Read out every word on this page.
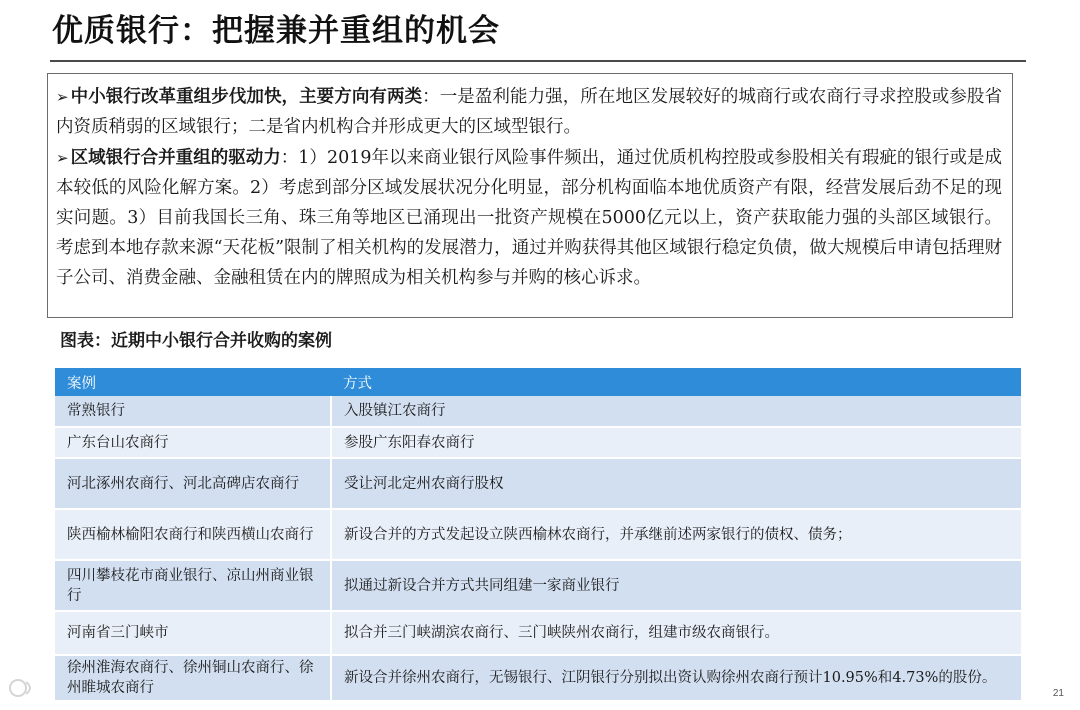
优质银行：把握兼并重组的机会

➢ 中小银行改革重组步伐加快，主要方向有两类：一是盈利能力强，所在地区发展较好的城商行或农商行寻求控股或参股省内资质稍弱的区域银行；二是省内机构合并形成更大的区域型银行。

➢ 区域银行合并重组的驱动力：1）2019年以来商业银行风险事件频出，通过优质机构控股或参股相关有瑕疵的银行或是成本较低的风险化解方案。2）考虑到部分区域发展状况分化明显，部分机构面临本地优质资产有限，经营发展后劲不足的现实问题。3）目前我国长三角、珠三角等地区已涌现出一批资产规模在5000亿元以上，资产获取能力强的头部区域银行。考虑到本地存款来源“天花板”限制了相关机构的发展潜力，通过并购获得其他区域银行稳定负债，做大规模后申请包括理财子公司、消费金融、金融租赁在内的牌照成为相关机构参与并购的核心诉求。

图表：近期中小银行合并收购的案例
案例	方式
常熟银行	入股镇江农商行
广东台山农商行	参股广东阳春农商行
河北涿州农商行、河北高碑店农商行	受让河北定州农商行股权
陕西榆林榆阳农商行和陕西横山农商行	新设合并的方式发起设立陕西榆林农商行，并承继前述两家银行的债权、债务；
四川攀枝花市商业银行、凉山州商业银行	拟通过新设合并方式共同组建一家商业银行
河南省三门峡市	拟合并三门峡湖滨农商行、三门峡陕州农商行，组建市级农商银行。
徐州淮海农商行、徐州铜山农商行、徐州睢城农商行	新设合并徐州农商行，无锡银行、江阴银行分别拟出资认购徐州农商行预计10.95%和4.73%的股份。
21
